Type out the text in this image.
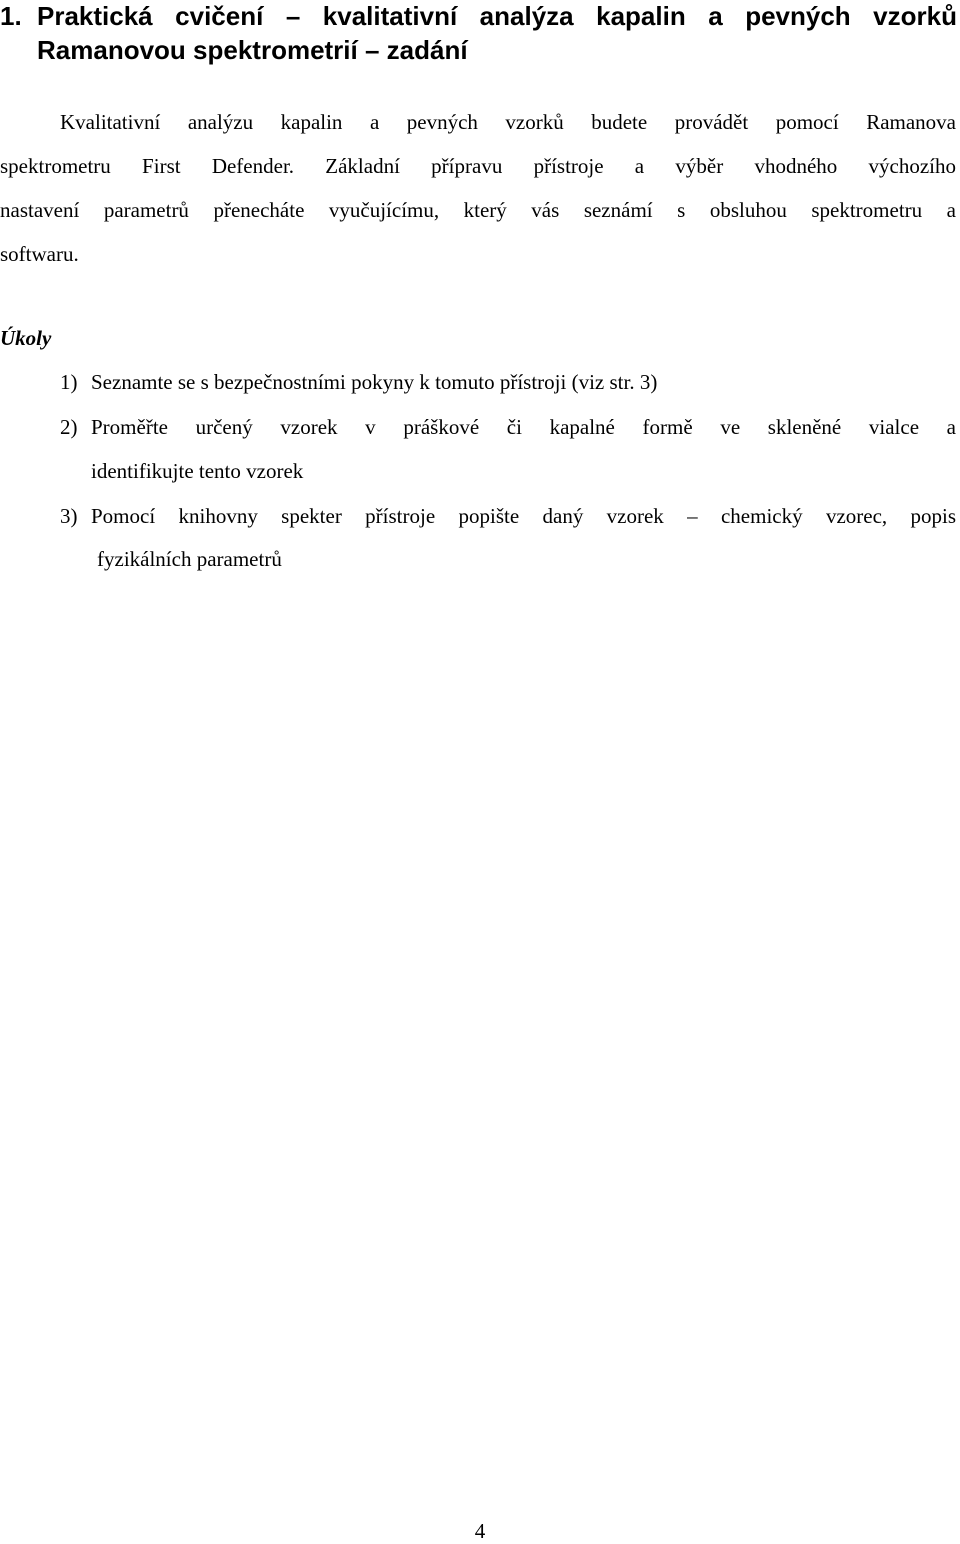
1. Praktická cvičení – kvalitativní analýza kapalin a pevných vzorků
Ramanovou spektrometrií – zadání
Kvalitativní analýzu kapalin a pevných vzorků budete provádět pomocí Ramanova
spektrometru First Defender. Základní přípravu přístroje a výběr vhodného výchozího
nastavení parametrů přenecháte vyučujícímu, který vás seznámí s obsluhou spektrometru a
softwaru.
Úkoly
1) Seznamte se s bezpečnostními pokyny k tomuto přístroji (viz str. 3)
2) Proměřte určený vzorek v práškové či kapalné formě ve skleněné vialce a
identifikujte tento vzorek
3) Pomocí knihovny spekter přístroje popište daný vzorek – chemický vzorec, popis
fyzikálních parametrů
4
